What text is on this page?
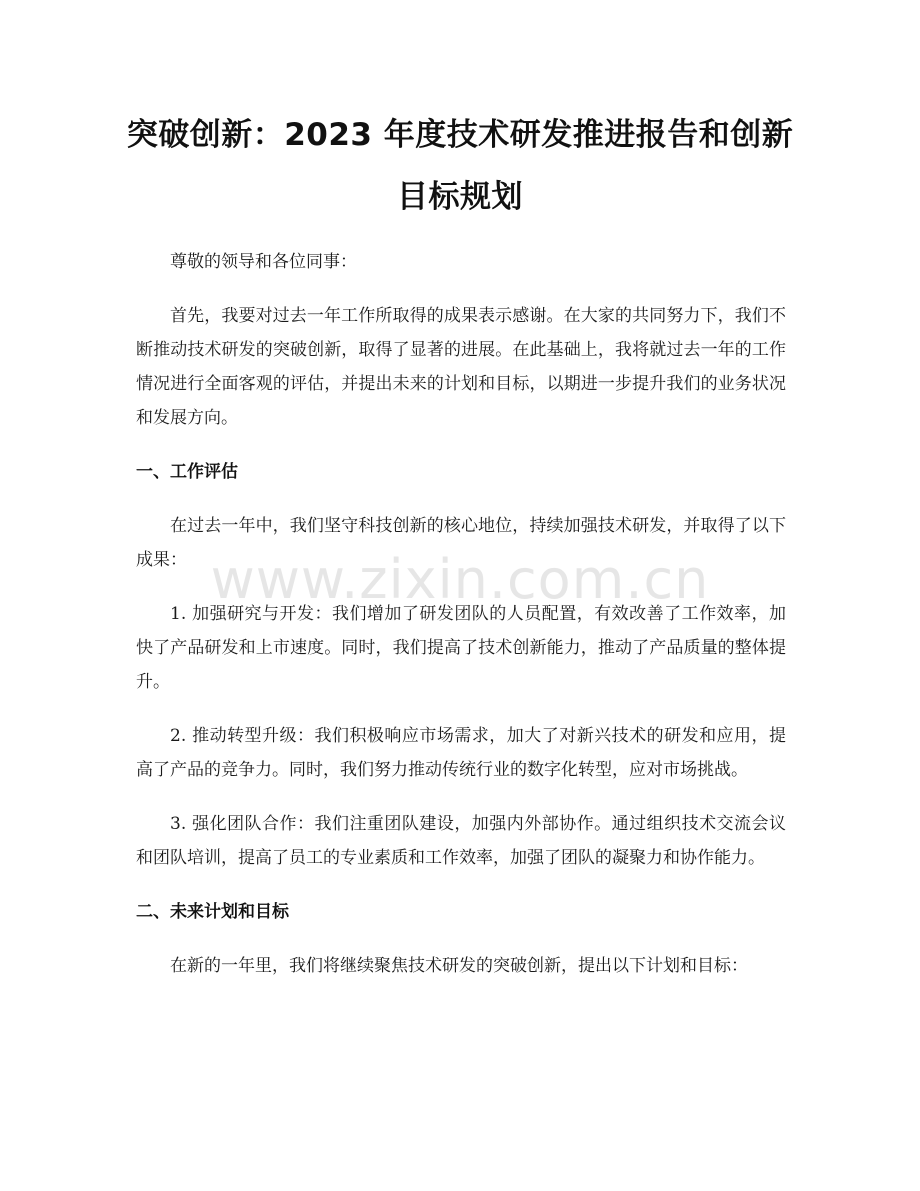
突破创新：2023 年度技术研发推进报告和创新目标规划

尊敬的领导和各位同事：

首先，我要对过去一年工作所取得的成果表示感谢。在大家的共同努力下，我们不断推动技术研发的突破创新，取得了显著的进展。在此基础上，我将就过去一年的工作情况进行全面客观的评估，并提出未来的计划和目标，以期进一步提升我们的业务状况和发展方向。

一、工作评估

在过去一年中，我们坚守科技创新的核心地位，持续加强技术研发，并取得了以下成果：

1. 加强研究与开发：我们增加了研发团队的人员配置，有效改善了工作效率，加快了产品研发和上市速度。同时，我们提高了技术创新能力，推动了产品质量的整体提升。

2. 推动转型升级：我们积极响应市场需求，加大了对新兴技术的研发和应用，提高了产品的竞争力。同时，我们努力推动传统行业的数字化转型，应对市场挑战。

3. 强化团队合作：我们注重团队建设，加强内外部协作。通过组织技术交流会议和团队培训，提高了员工的专业素质和工作效率，加强了团队的凝聚力和协作能力。

二、未来计划和目标

在新的一年里，我们将继续聚焦技术研发的突破创新，提出以下计划和目标：

www.zixin.com.cn
